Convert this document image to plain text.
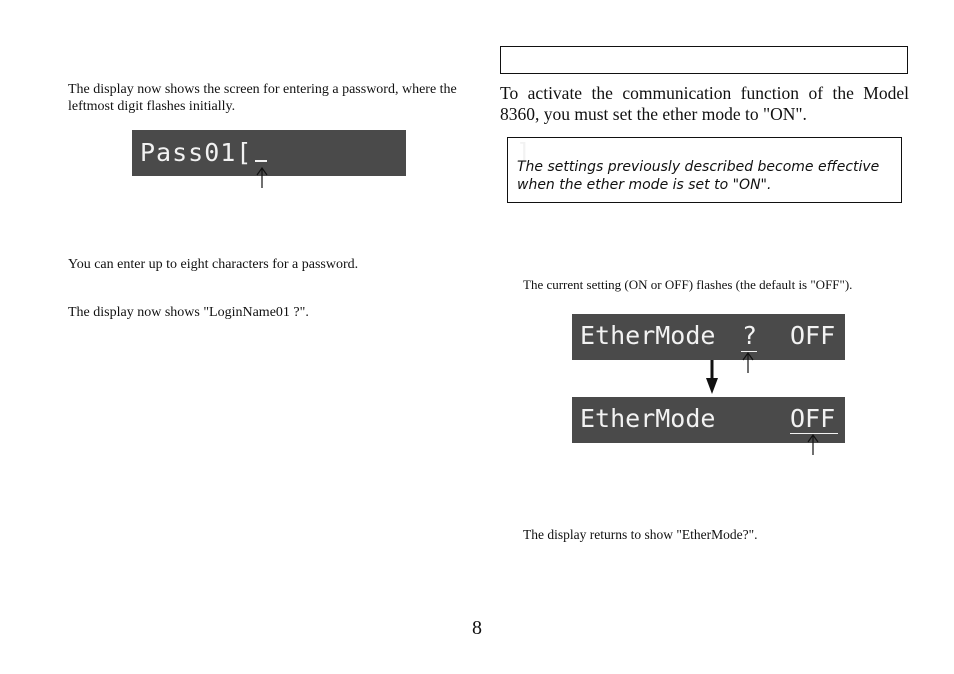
The display now shows the screen for entering a password, where the leftmost digit flashes initially.

Pass01[

	]

You can enter up to eight characters for a password.
The display now shows "LoginName01 ?".
To activate the communication function of the Model 8360, you must set the ether mode to "ON".
The settings previously described become effective when the ether mode is set to "ON".
The current setting (ON or OFF) flashes (the default is "OFF").

EtherMode

?

OFF

EtherMode

	OFF

The display returns to show "EtherMode?".
8
